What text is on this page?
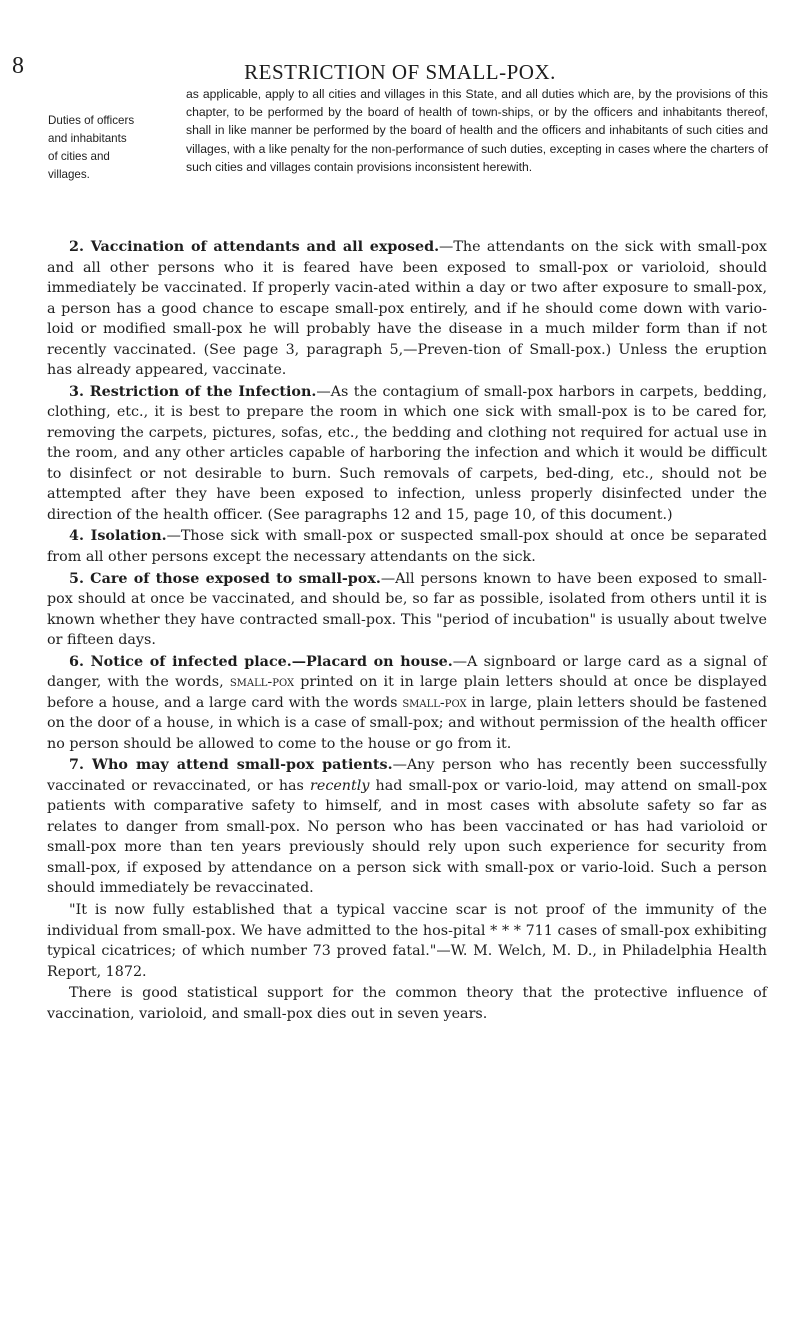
8	RESTRICTION OF SMALL-POX.
Duties of officers
and inhabitants
of cities and
villages.
as applicable, apply to all cities and villages in this State, and all duties which are, by the provisions of this chapter, to be performed by the board of health of town-ships, or by the officers and inhabitants thereof, shall in like manner be performed by the board of health and the officers and inhabitants of such cities and villages, with a like penalty for the non-performance of such duties, excepting in cases where the charters of such cities and villages contain provisions inconsistent herewith.

2. Vaccination of attendants and all exposed.—The attendants on the sick with small-pox and all other persons who it is feared have been exposed to small-pox or varioloid, should immediately be vaccinated. If properly vacin-ated within a day or two after exposure to small-pox, a person has a good chance to escape small-pox entirely, and if he should come down with vario-loid or modified small-pox he will probably have the disease in a much milder form than if not recently vaccinated. (See page 3, paragraph 5,—Preven-tion of Small-pox.) Unless the eruption has already appeared, vaccinate.

3. Restriction of the Infection.—As the contagium of small-pox harbors in carpets, bedding, clothing, etc., it is best to prepare the room in which one sick with small-pox is to be cared for, removing the carpets, pictures, sofas, etc., the bedding and clothing not required for actual use in the room, and any other articles capable of harboring the infection and which it would be difficult to disinfect or not desirable to burn. Such removals of carpets, bed-ding, etc., should not be attempted after they have been exposed to infection, unless properly disinfected under the direction of the health officer. (See paragraphs 12 and 15, page 10, of this document.)

4. Isolation.—Those sick with small-pox or suspected small-pox should at once be separated from all other persons except the necessary attendants on the sick.

5. Care of those exposed to small-pox.—All persons known to have been exposed to small-pox should at once be vaccinated, and should be, so far as possible, isolated from others until it is known whether they have contracted small-pox. This "period of incubation" is usually about twelve or fifteen days.

6. Notice of infected place.—Placard on house.—A signboard or large card as a signal of danger, with the words, small-pox printed on it in large plain letters should at once be displayed before a house, and a large card with the words small-pox in large, plain letters should be fastened on the door of a house, in which is a case of small-pox; and without permission of the health officer no person should be allowed to come to the house or go from it.

7. Who may attend small-pox patients.—Any person who has recently been successfully vaccinated or revaccinated, or has recently had small-pox or vario-loid, may attend on small-pox patients with comparative safety to himself, and in most cases with absolute safety so far as relates to danger from small-pox. No person who has been vaccinated or has had varioloid or small-pox more than ten years previously should rely upon such experience for security from small-pox, if exposed by attendance on a person sick with small-pox or vario-loid. Such a person should immediately be revaccinated.

"It is now fully established that a typical vaccine scar is not proof of the immunity of the individual from small-pox. We have admitted to the hos-pital * * * 711 cases of small-pox exhibiting typical cicatrices; of which number 73 proved fatal."—W. M. Welch, M. D., in Philadelphia Health Report, 1872.

There is good statistical support for the common theory that the protective influence of vaccination, varioloid, and small-pox dies out in seven years.
